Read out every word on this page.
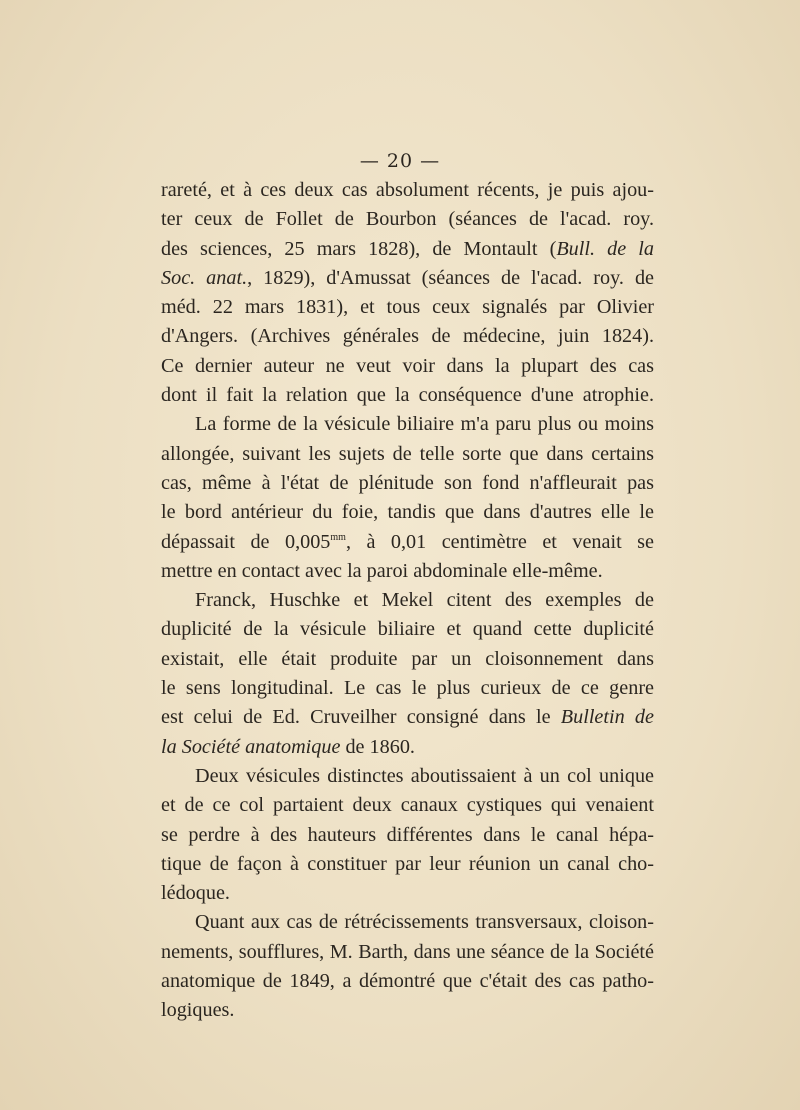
— 20 —
rareté, et à ces deux cas absolument récents, je puis ajou-
ter ceux de Follet de Bourbon (séances de l'acad. roy.
des sciences, 25 mars 1828), de Montault (Bull. de la
Soc. anat., 1829), d'Amussat (séances de l'acad. roy. de
méd. 22 mars 1831), et tous ceux signalés par Olivier
d'Angers. (Archives générales de médecine, juin 1824).
Ce dernier auteur ne veut voir dans la plupart des cas
dont il fait la relation que la conséquence d'une atrophie.
La forme de la vésicule biliaire m'a paru plus ou moins
allongée, suivant les sujets de telle sorte que dans certains
cas, même à l'état de plénitude son fond n'affleurait pas
le bord antérieur du foie, tandis que dans d'autres elle le
dépassait de $0,005^{mm}$, à 0,01 centimètre et venait se
mettre en contact avec la paroi abdominale elle-même.
Franck, Huschke et Mekel citent des exemples de
duplicité de la vésicule biliaire et quand cette duplicité
existait, elle était produite par un cloisonnement dans
le sens longitudinal. Le cas le plus curieux de ce genre
est celui de Ed. Cruveilher consigné dans le Bulletin de
la Société anatomique de 1860.
Deux vésicules distinctes aboutissaient à un col unique
et de ce col partaient deux canaux cystiques qui venaient
se perdre à des hauteurs différentes dans le canal hépa-
tique de façon à constituer par leur réunion un canal cho-
lédoque.
Quant aux cas de rétrécissements transversaux, cloison-
nements, soufflures, M. Barth, dans une séance de la Société
anatomique de 1849, a démontré que c'était des cas patho-
logiques.
